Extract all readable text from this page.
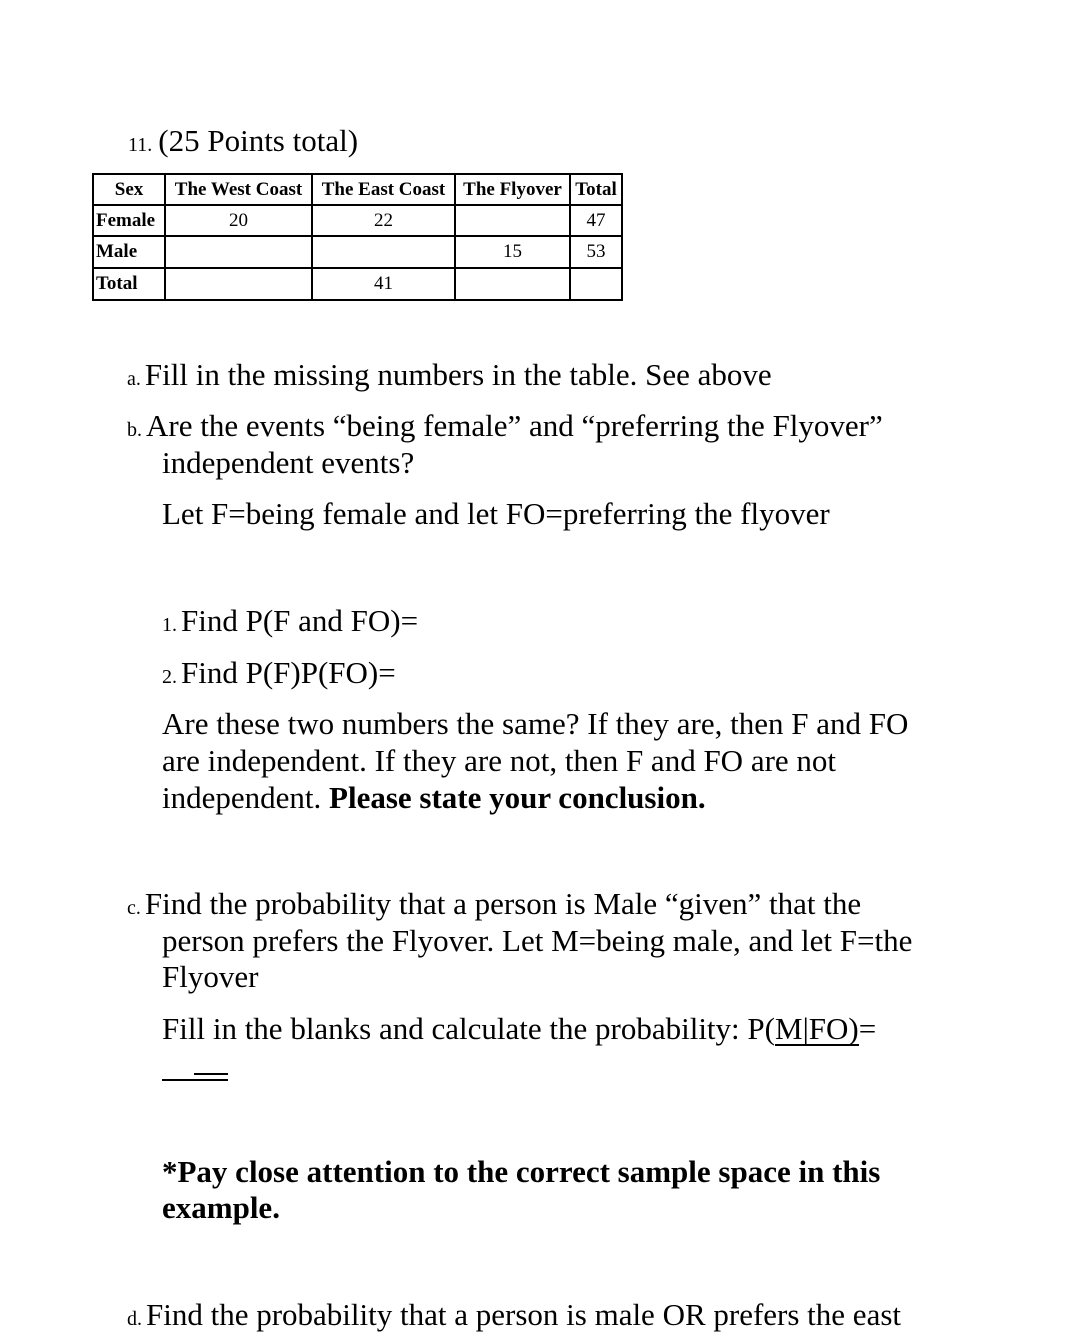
11. (25 Points total)
Sex	The West Coast	The East Coast	The Flyover	Total
Female	20	22		47
Male			15	53
Total		41		
a. Fill in the missing numbers in the table. See above
b. Are the events “being female” and “preferring the Flyover”
independent events?
Let F=being female and let FO=preferring the flyover
1. Find P(F and FO)=
2. Find P(F)P(FO)=
Are these two numbers the same? If they are, then F and FO
are independent. If they are not, then F and FO are not
independent. Please state your conclusion.
c. Find the probability that a person is Male “given” that the
person prefers the Flyover. Let M=being male, and let F=the
Flyover
Fill in the blanks and calculate the probability: P(M|FO)=
*Pay close attention to the correct sample space in this
example.
d. Find the probability that a person is male OR prefers the east
